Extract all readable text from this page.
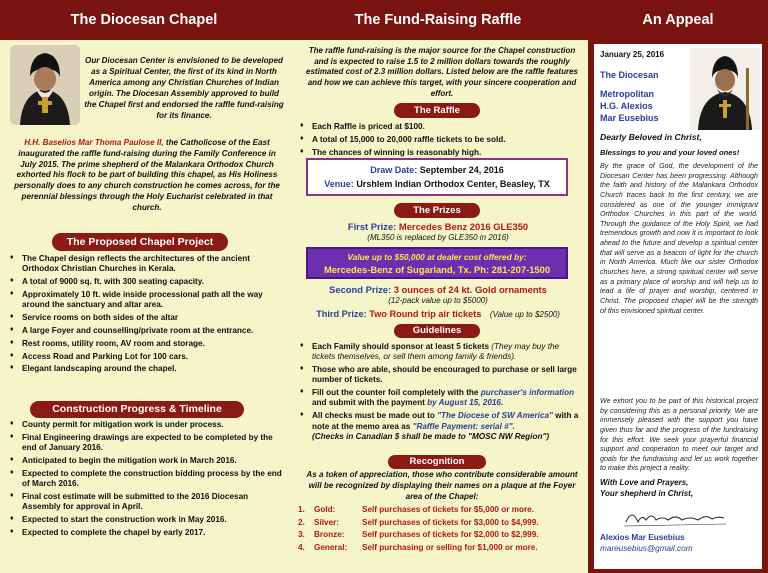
The Diocesan Chapel
Our Diocesan Center is envisioned to be developed as a Spiritual Center, the first of its kind in North America among any Christian Churches of Indian origin. The Diocesan Assembly approved to build the Chapel first and endorsed the raffle fund-raising for its finance.
H.H. Baselios Mar Thoma Paulose II, the Catholicose of the East inaugurated the raffle fund-raising during the Family Conference in July 2015. The prime shepherd of the Malankara Orthodox Church exhorted his flock to be part of building this chapel, as His Holiness personally does to any church construction he comes across, for the perennial blessings through the Holy Eucharist celebrated in that church.
The Proposed Chapel Project
♦ The Chapel design reflects the architectures of the ancient Orthodox Christian Churches in Kerala.
♦ A total of 9000 sq. ft. with 300 seating capacity.
♦ Approximately 10 ft. wide inside processional path all the way around the sanctuary and altar area.
♦ Service rooms on both sides of the altar
♦ A large Foyer and counselling/private room at the entrance.
♦ Rest rooms, utility room, AV room and storage.
♦ Access Road and Parking Lot for 100 cars.
♦ Elegant landscaping around the chapel.
Construction Progress & Timeline
♦ County permit for mitigation work is under process.
♦ Final Engineering drawings are expected to be completed by the end of January 2016.
♦ Anticipated to begin the mitigation work in March 2016.
♦ Expected to complete the construction bidding process by the end of March 2016.
♦ Final cost estimate will be submitted to the 2016 Diocesan Assembly for approval in April.
♦ Expected to start the construction work in May 2016.
♦ Expected to complete the chapel by early 2017.
The Fund-Raising Raffle
The raffle fund-raising is the major source for the Chapel construction and is expected to raise 1.5 to 2 million dollars towards the roughly estimated cost of 2.3 million dollars. Listed below are the raffle features and how we can achieve this target, with your sincere cooperation and effort.
The Raffle
♦ Each Raffle is priced at $100.
♦ A total of 15,000 to 20,000 raffle tickets to be sold.
♦ The chances of winning is reasonably high.
Draw Date: September 24, 2016
Venue: Urshlem Indian Orthodox Center, Beasley, TX
The Prizes
First Prize: Mercedes Benz 2016 GLE350
(ML350 is replaced by GLE350 in 2016)
Value up to $50,000 at dealer cost offered by:
Mercedes-Benz of Sugarland, Tx. Ph: 281-207-1500
Second Prize: 3 ounces of 24 kt. Gold ornaments
(12-pack value up to $5000)
Third Prize: Two Round trip air tickets (Value up to $2500)
Guidelines
♦ Each Family should sponsor at least 5 tickets (They may buy the tickets themselves, or sell them among family & friends).
♦ Those who are able, should be encouraged to purchase or sell large number of tickets.
♦ Fill out the counter foil completely with the purchaser's information and submit with the payment by August 15, 2016.
♦ All checks must be made out to "The Diocese of SW America" with a note at the memo area as "Raffle Payment: serial #".
(Checks in Canadian $ shall be made to "MOSC NW Region")
Recognition
As a token of appreciation, those who contribute considerable amount will be recognized by displaying their names on a plaque at the Foyer area of the Chapel:
1.	Gold:	Self purchases of tickets for $5,000 or more.
2.	Silver:	Self purchases of tickets for $3,000 to $4,999.
3.	Bronze:	Self purchases of tickets for $2,000 to $2,999.
4.	General:	Self purchasing or selling for $1,000 or more.
An Appeal
January 25, 2016
The Diocesan
Metropolitan
H.G. Alexios
Mar Eusebius
Dearly Beloved in Christ,
Blessings to you and your loved ones!
By the grace of God, the development of the Diocesan Center has been progressing. Although the faith and history of the Malankara Orthodox Church traces back to the first century, we are considered as one of the younger immigrant Orthodox Churches in this part of the world. Through the guidance of the Holy Spirit, we had tremendous growth and now it is important to look ahead to the future and develop a spiritual center that will serve as a beacon of light for the church in North America. Much like our sister Orthodox churches here, a strong spiritual center will serve as a primary place of worship and will help us to lead a life of prayer and worship, centered in Christ. The proposed chapel will be the strength of this envisioned spiritual center.
We exhort you to be part of this historical project by considering this as a personal priority. We are immensely pleased with the support you have given thus far and the progress of the fundraising for this effort. We seek your prayerful financial support and cooperation to meet our target and goals for the fundraising and let us work together to make this project a reality.
With Love and Prayers,
Your shepherd in Christ,
Alexios Mar Eusebius
mareusebius@gmail.com
